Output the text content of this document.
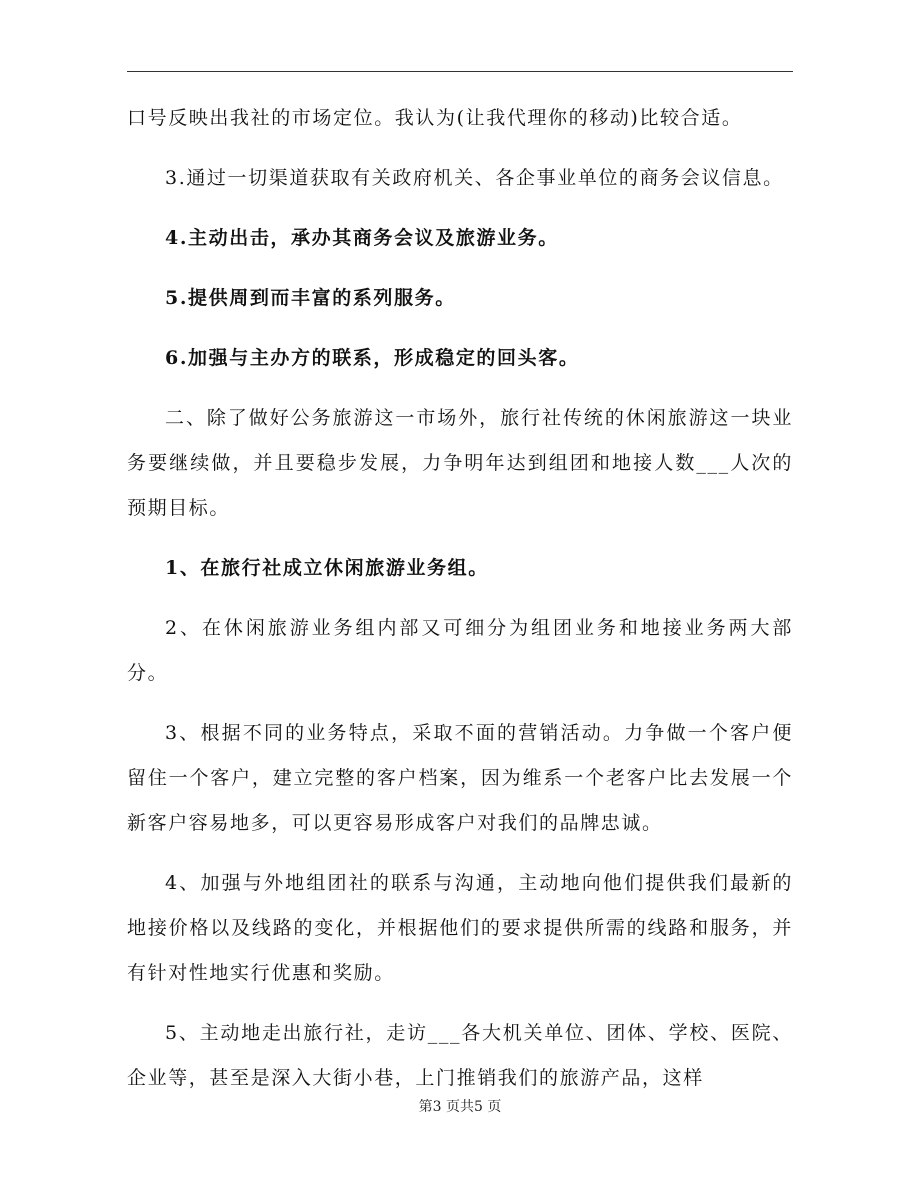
口号反映出我社的市场定位。我认为(让我代理你的移动)比较合适。

3.通过一切渠道获取有关政府机关、各企事业单位的商务会议信息。

4.主动出击，承办其商务会议及旅游业务。

5.提供周到而丰富的系列服务。

6.加强与主办方的联系，形成稳定的回头客。

二、除了做好公务旅游这一市场外，旅行社传统的休闲旅游这一块业务要继续做，并且要稳步发展，力争明年达到组团和地接人数___人次的预期目标。

1、在旅行社成立休闲旅游业务组。

2、在休闲旅游业务组内部又可细分为组团业务和地接业务两大部分。

3、根据不同的业务特点，采取不面的营销活动。力争做一个客户便留住一个客户，建立完整的客户档案，因为维系一个老客户比去发展一个新客户容易地多，可以更容易形成客户对我们的品牌忠诚。

4、加强与外地组团社的联系与沟通，主动地向他们提供我们最新的地接价格以及线路的变化，并根据他们的要求提供所需的线路和服务，并有针对性地实行优惠和奖励。

5、主动地走出旅行社，走访___各大机关单位、团体、学校、医院、企业等，甚至是深入大街小巷，上门推销我们的旅游产品，这样

第3 页共5 页
